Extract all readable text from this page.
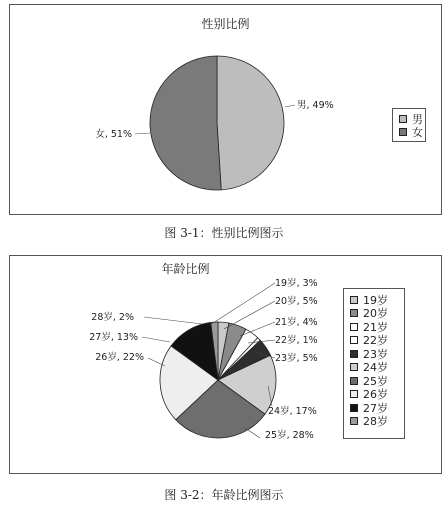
性别比例
男, 49%
女, 51%
男
女
图 3-1：性别比例图示
年龄比例
19岁, 3%
20岁, 5%
21岁, 4%
22岁, 1%
23岁, 5%
24岁, 17%
25岁, 28%
26岁, 22%
27岁, 13%
28岁, 2%
19岁
20岁
21岁
22岁
23岁
24岁
25岁
26岁
27岁
28岁
图 3-2：年龄比例图示
